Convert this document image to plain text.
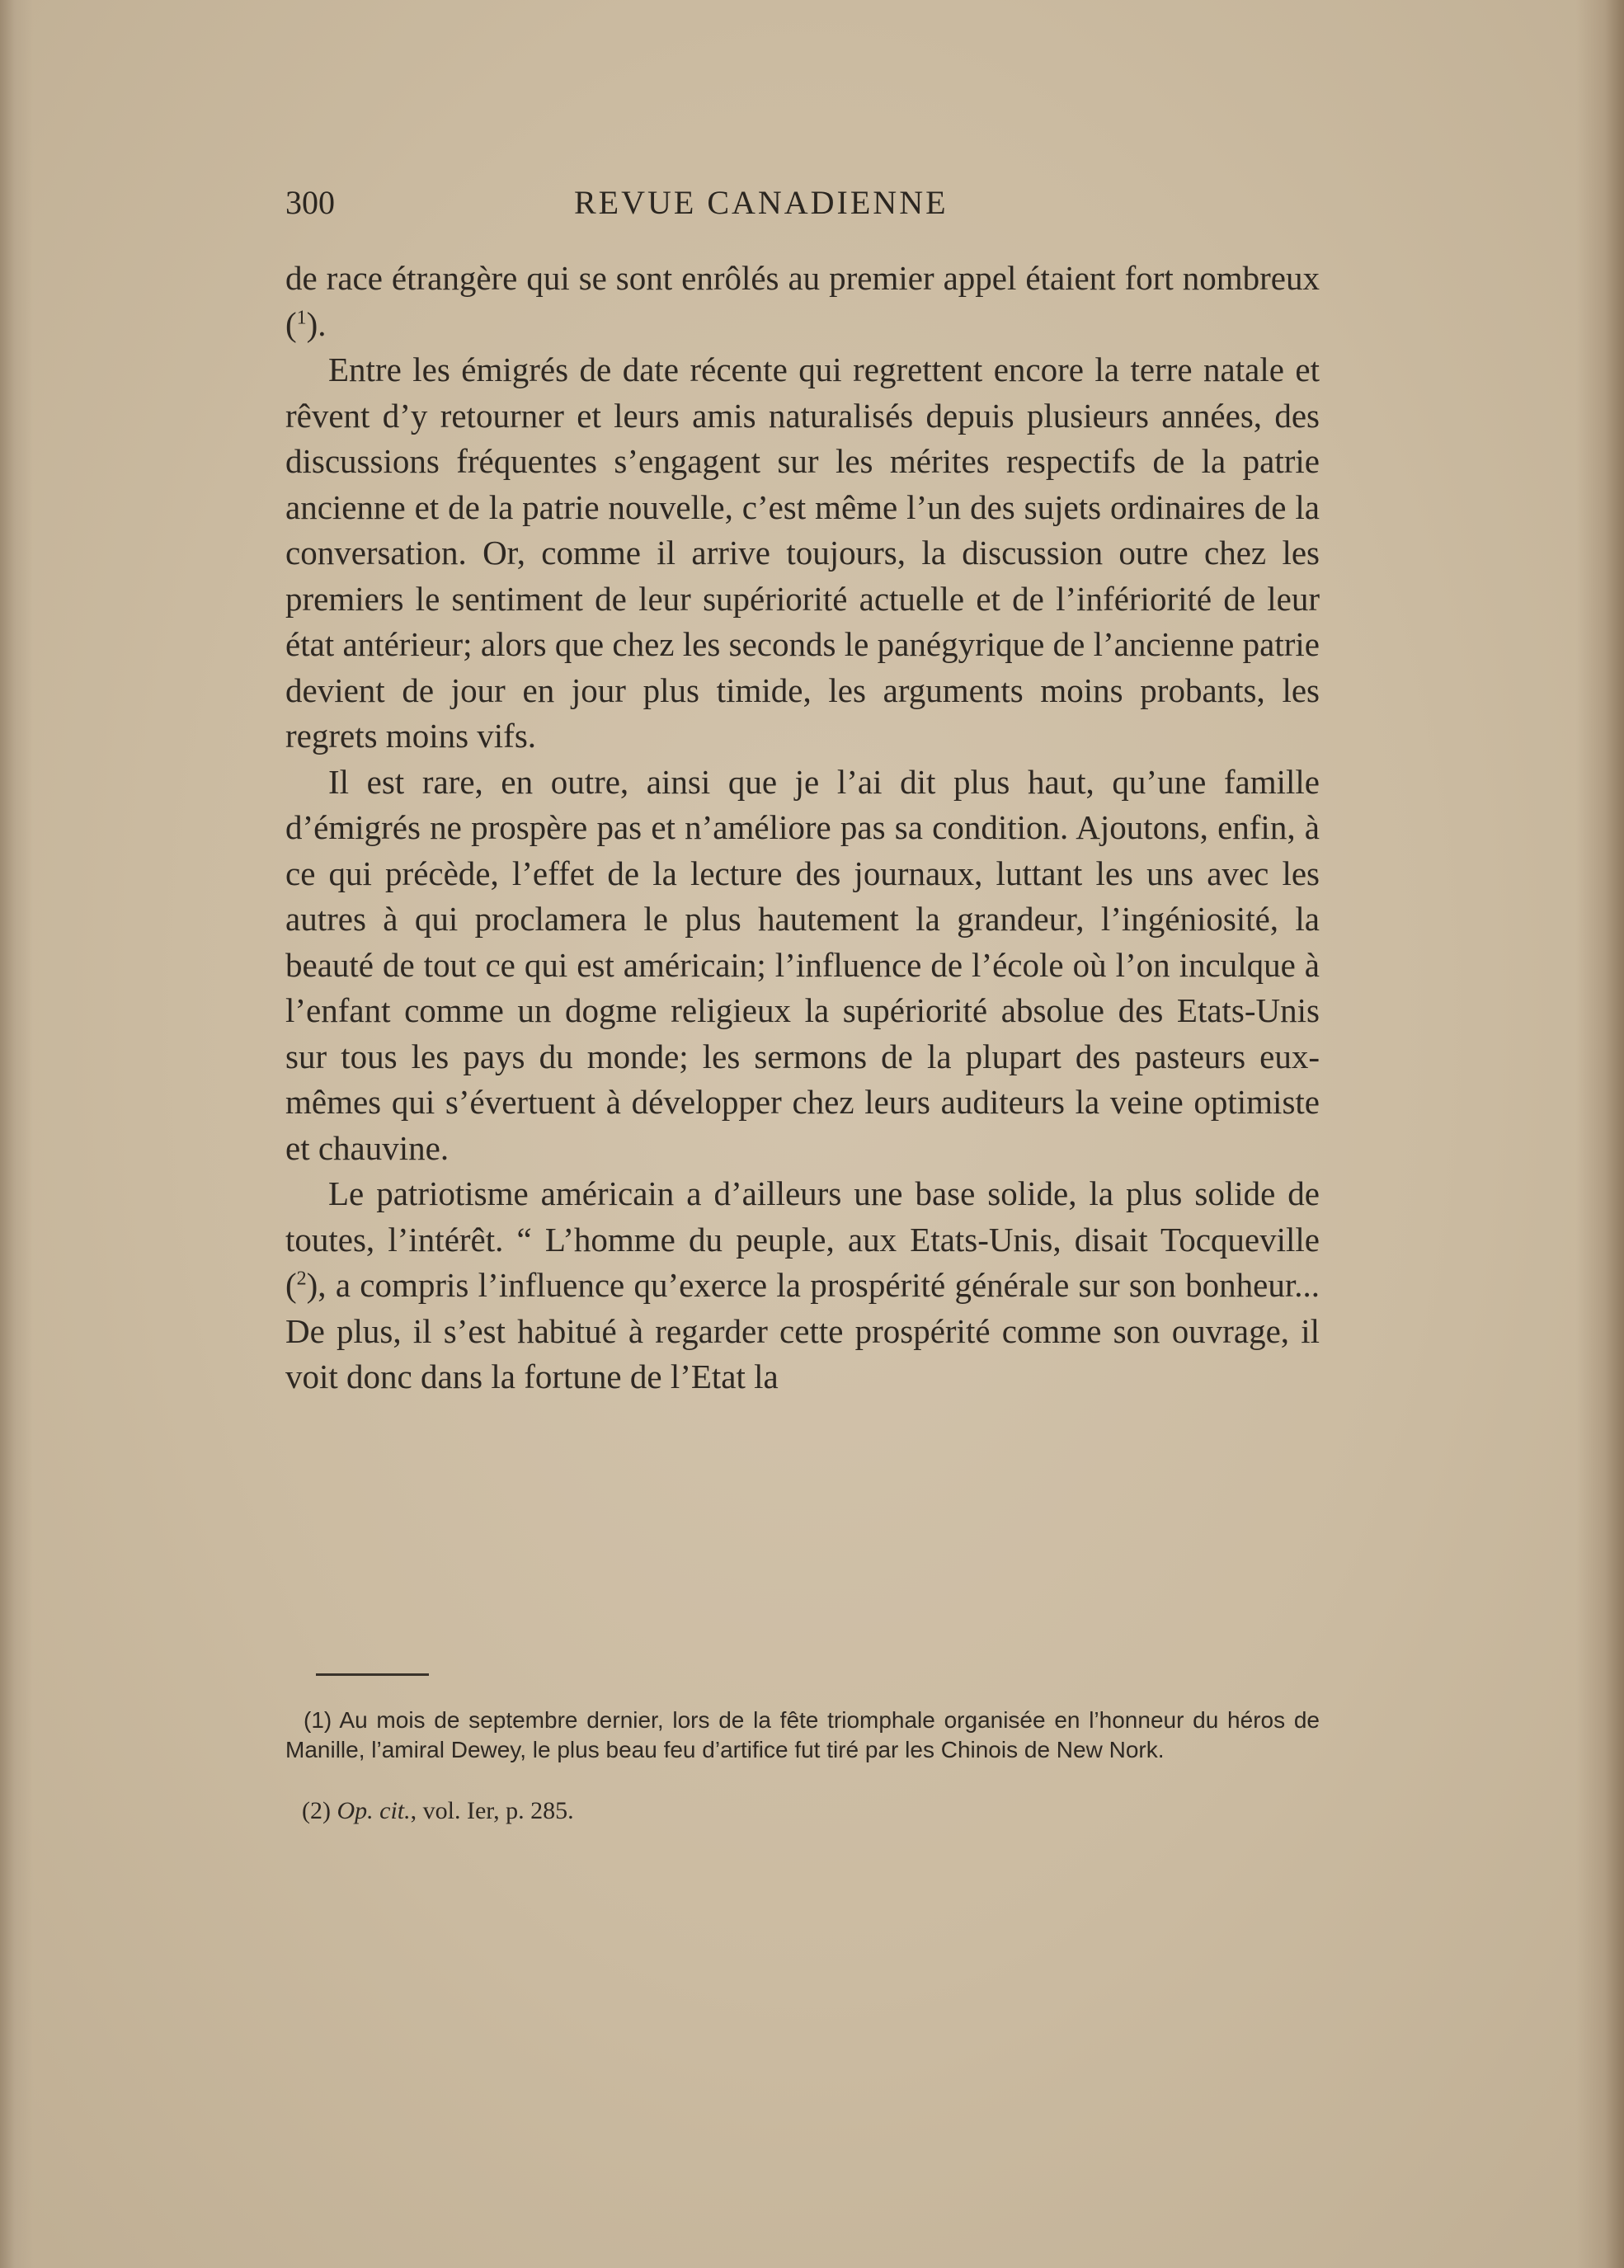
300	REVUE CANADIENNE

de race étrangère qui se sont enrôlés au premier appel étaient fort nombreux ($^1$).

Entre les émigrés de date récente qui regrettent encore la terre natale et rêvent d’y retourner et leurs amis naturalisés depuis plusieurs années, des discussions fréquentes s’engagent sur les mérites respectifs de la patrie ancienne et de la patrie nouvelle, c’est même l’un des sujets ordinaires de la conversation. Or, comme il arrive toujours, la discussion outre chez les premiers le sentiment de leur supériorité actuelle et de l’infériorité de leur état antérieur; alors que chez les seconds le panégyrique de l’ancienne patrie devient de jour en jour plus timide, les arguments moins probants, les regrets moins vifs.

Il est rare, en outre, ainsi que je l’ai dit plus haut, qu’une famille d’émigrés ne prospère pas et n’améliore pas sa condition. Ajoutons, enfin, à ce qui précède, l’effet de la lecture des journaux, luttant les uns avec les autres à qui proclamera le plus hautement la grandeur, l’ingéniosité, la beauté de tout ce qui est américain; l’influence de l’école où l’on inculque à l’enfant comme un dogme religieux la supériorité absolue des Etats-Unis sur tous les pays du monde; les sermons de la plupart des pasteurs eux-mêmes qui s’évertuent à développer chez leurs auditeurs la veine optimiste et chauvine.

Le patriotisme américain a d’ailleurs une base solide, la plus solide de toutes, l’intérêt. “ L’homme du peuple, aux Etats-Unis, disait Tocqueville ($^2$), a compris l’influence qu’exerce la prospérité générale sur son bonheur... De plus, il s’est habitué à regarder cette prospérité comme son ouvrage, il voit donc dans la fortune de l’Etat la

(1) Au mois de septembre dernier, lors de la fête triomphale organisée en l’honneur du héros de Manille, l’amiral Dewey, le plus beau feu d’artifice fut tiré par les Chinois de New Nork.

(2) Op. cit., vol. Ier, p. 285.
